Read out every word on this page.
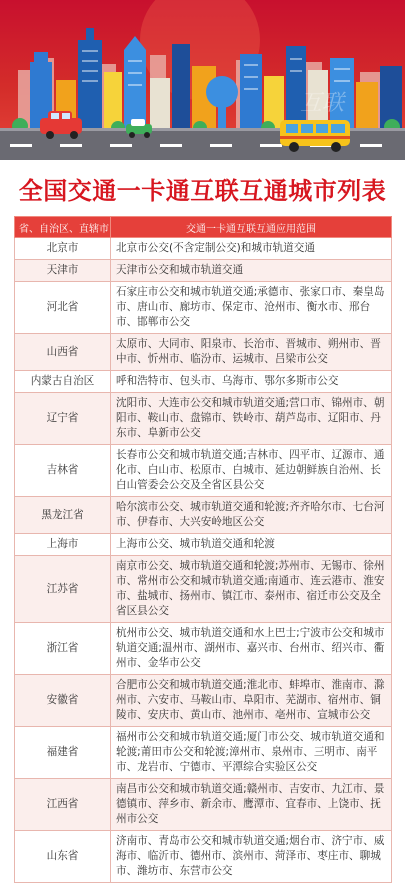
互联
全国交通一卡通互联互通城市列表
省、自治区、直辖市	交通一卡通互联互通应用范围
北京市	北京市公交(不含定制公交)和城市轨道交通
天津市	天津市公交和城市轨道交通
河北省	石家庄市公交和城市轨道交通;承德市、张家口市、秦皇岛市、唐山市、廊坊市、保定市、沧州市、衡水市、邢台市、邯郸市公交
山西省	太原市、大同市、阳泉市、长治市、晋城市、朔州市、晋中市、忻州市、临汾市、运城市、吕梁市公交
内蒙古自治区	呼和浩特市、包头市、乌海市、鄂尔多斯市公交
辽宁省	沈阳市、大连市公交和城市轨道交通;营口市、锦州市、朝阳市、鞍山市、盘锦市、铁岭市、葫芦岛市、辽阳市、丹东市、阜新市公交
吉林省	长春市公交和城市轨道交通;吉林市、四平市、辽源市、通化市、白山市、松原市、白城市、延边朝鲜族自治州、长白山管委会公交及全省区县公交
黑龙江省	哈尔滨市公交、城市轨道交通和轮渡;齐齐哈尔市、七台河市、伊春市、大兴安岭地区公交
上海市	上海市公交、城市轨道交通和轮渡
江苏省	南京市公交、城市轨道交通和轮渡;苏州市、无锡市、徐州市、常州市公交和城市轨道交通;南通市、连云港市、淮安市、盐城市、扬州市、镇江市、泰州市、宿迁市公交及全省区县公交
浙江省	杭州市公交、城市轨道交通和水上巴士;宁波市公交和城市轨道交通;温州市、湖州市、嘉兴市、台州市、绍兴市、衢州市、金华市公交
安徽省	合肥市公交和城市轨道交通;淮北市、蚌埠市、淮南市、滁州市、六安市、马鞍山市、阜阳市、芜湖市、宿州市、铜陵市、安庆市、黄山市、池州市、亳州市、宣城市公交
福建省	福州市公交和城市轨道交通;厦门市公交、城市轨道交通和轮渡;莆田市公交和轮渡;漳州市、泉州市、三明市、南平市、龙岩市、宁德市、平潭综合实验区公交
江西省	南昌市公交和城市轨道交通;赣州市、吉安市、九江市、景德镇市、萍乡市、新余市、鹰潭市、宜春市、上饶市、抚州市公交
山东省	济南市、青岛市公交和城市轨道交通;烟台市、济宁市、威海市、临沂市、德州市、滨州市、菏泽市、枣庄市、聊城市、潍坊市、东营市公交
